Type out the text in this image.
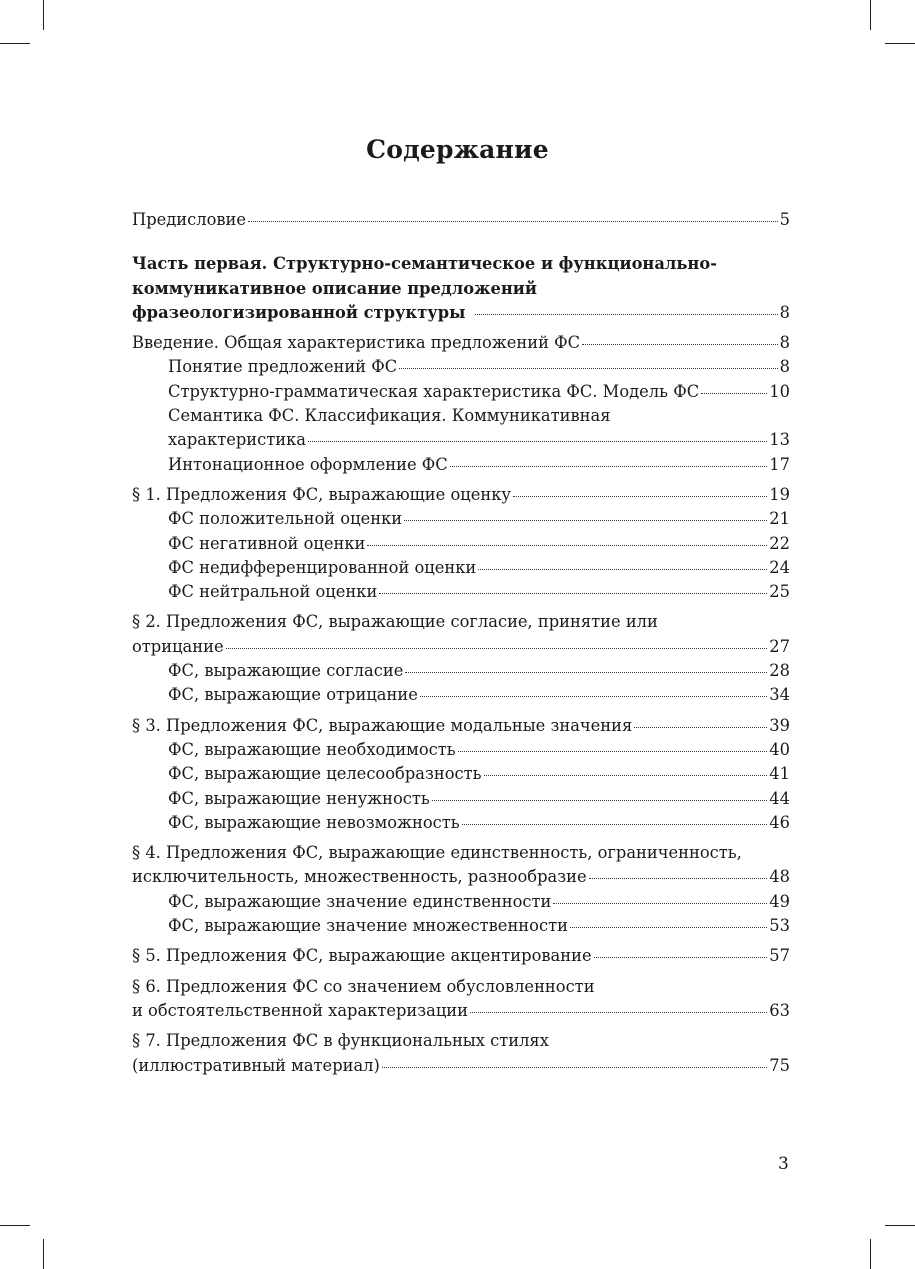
Содержание
Предисловие	5
Часть первая. Структурно-семантическое и функционально-
коммуникативное описание предложений
фразеологизированной структуры	8
Введение. Общая характеристика предложений ФС	8
Понятие предложений ФС	8
Структурно-грамматическая характеристика ФС. Модель ФС	10
Семантика ФС. Классификация. Коммуникативная
характеристика	13
Интонационное оформление ФС	17
§ 1. Предложения ФС, выражающие оценку	19
ФС положительной оценки	21
ФС негативной оценки	22
ФС недифференцированной оценки	24
ФС нейтральной оценки	25
§ 2. Предложения ФС, выражающие согласие, принятие или
отрицание	27
ФС, выражающие согласие	28
ФС, выражающие отрицание	34
§ 3. Предложения ФС, выражающие модальные значения	39
ФС, выражающие необходимость	40
ФС, выражающие целесообразность	41
ФС, выражающие ненужность	44
ФС, выражающие невозможность	46
§ 4. Предложения ФС, выражающие единственность, ограниченность,
исключительность, множественность, разнообразие	48
ФС, выражающие значение единственности	49
ФС, выражающие значение множественности	53
§ 5. Предложения ФС, выражающие акцентирование	57
§ 6. Предложения ФС со значением обусловленности
и обстоятельственной характеризации	63
§ 7. Предложения ФС в функциональных стилях
(иллюстративный материал)	75
3
